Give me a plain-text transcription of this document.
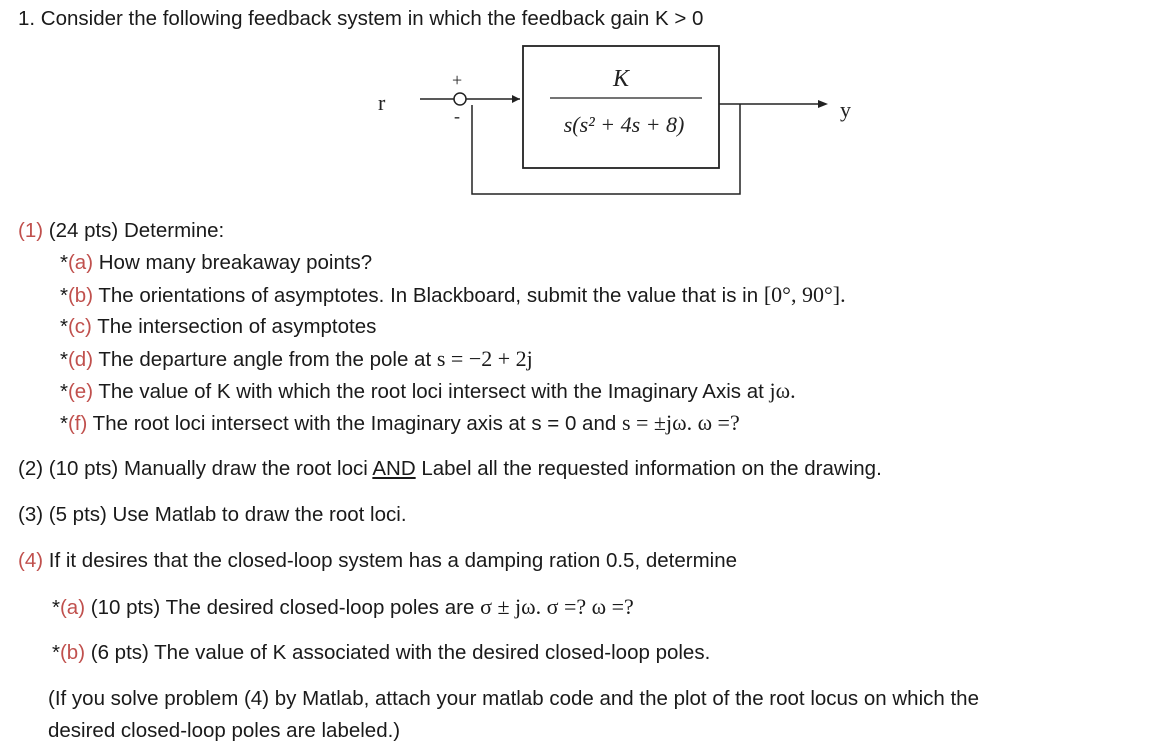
1. Consider the following feedback system in which the feedback gain K > 0
r
+
-
K
s(s² + 4s + 8)
y
(1) (24 pts) Determine:
*(a) How many breakaway points?
*(b) The orientations of asymptotes. In Blackboard, submit the value that is in [0°, 90°].
*(c) The intersection of asymptotes
*(d) The departure angle from the pole at s = −2 + 2j
*(e) The value of K with which the root loci intersect with the Imaginary Axis at jω.
*(f) The root loci intersect with the Imaginary axis at s = 0 and s = ±jω. ω =?
(2) (10 pts) Manually draw the root loci AND Label all the requested information on the drawing.
(3) (5 pts) Use Matlab to draw the root loci.
(4) If it desires that the closed-loop system has a damping ration 0.5, determine
*(a) (10 pts) The desired closed-loop poles are σ ± jω. σ =? ω =?
*(b) (6 pts) The value of K associated with the desired closed-loop poles.
(If you solve problem (4) by Matlab, attach your matlab code and the plot of the root locus on which the
desired closed-loop poles are labeled.)
